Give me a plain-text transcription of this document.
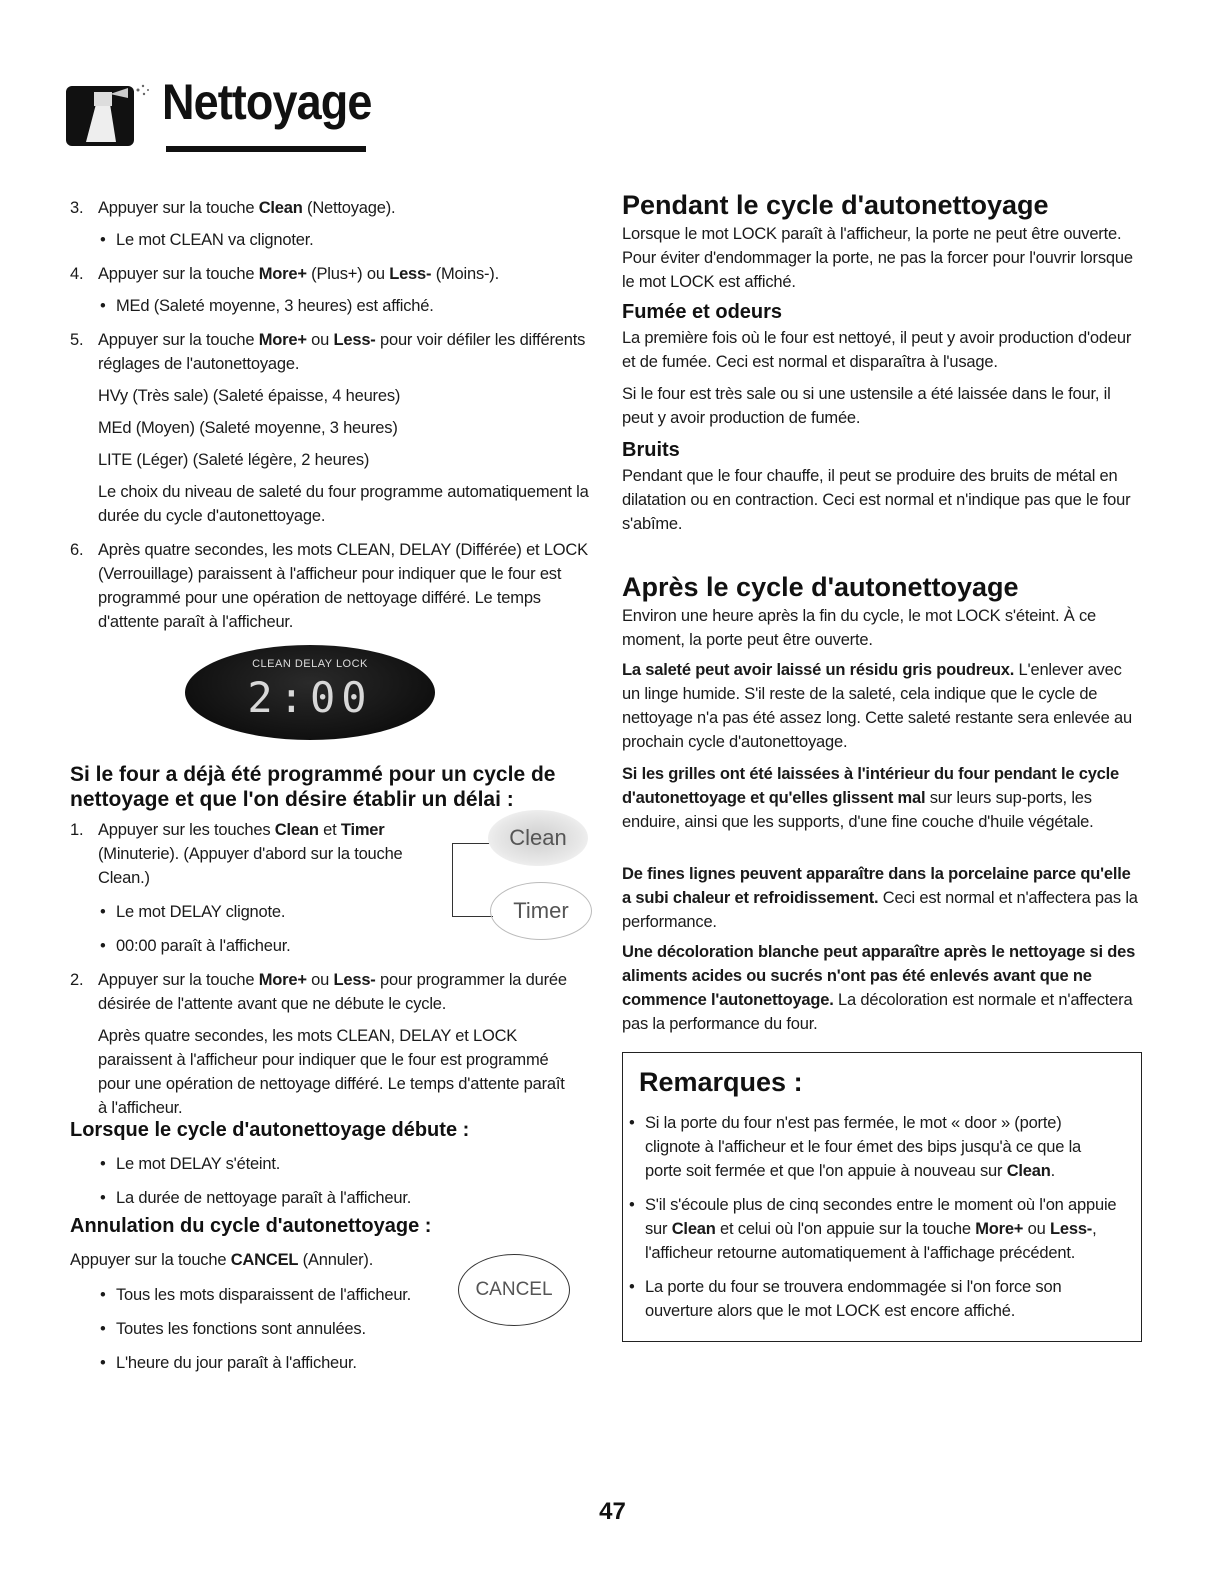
Nettoyage
3. Appuyer sur la touche Clean (Nettoyage).
• Le mot CLEAN va clignoter.
4. Appuyer sur la touche More+ (Plus+) ou Less- (Moins-).
• MEd (Saleté moyenne, 3 heures) est affiché.
5. Appuyer sur la touche More+ ou Less- pour voir défiler les différents réglages de l'autonettoyage.

HVy (Très sale) (Saleté épaisse, 4 heures)

MEd (Moyen) (Saleté moyenne, 3 heures)

LITE (Léger) (Saleté légère, 2 heures)

Le choix du niveau de saleté du four programme automatiquement la durée du cycle d'autonettoyage.

6. Après quatre secondes, les mots CLEAN, DELAY (Différée) et LOCK (Verrouillage) paraissent à l'afficheur pour indiquer que le four est programmé pour une opération de nettoyage différé. Le temps d'attente paraît à l'afficheur.
CLEAN DELAY LOCK
2:00
Si le four a déjà été programmé pour un cycle de nettoyage et que l'on désire établir un délai :
1. Appuyer sur les touches Clean et Timer (Minuterie). (Appuyer d'abord sur la touche Clean.)
• Le mot DELAY clignote.
• 00:00 paraît à l'afficheur.
2. Appuyer sur la touche More+ ou Less- pour programmer la durée désirée de l'attente avant que ne débute le cycle.

Après quatre secondes, les mots CLEAN, DELAY et LOCK paraissent à l'afficheur pour indiquer que le four est programmé pour une opération de nettoyage différé. Le temps d'attente paraît à l'afficheur.

Clean
Timer
Lorsque le cycle d'autonettoyage débute :
• Le mot DELAY s'éteint.
• La durée de nettoyage paraît à l'afficheur.
Annulation du cycle d'autonettoyage :
Appuyer sur la touche CANCEL (Annuler).
• Tous les mots disparaissent de l'afficheur.
• Toutes les fonctions sont annulées.
• L'heure du jour paraît à l'afficheur.
CANCEL
Pendant le cycle d'autonettoyage

Lorsque le mot LOCK paraît à l'afficheur, la porte ne peut être ouverte. Pour éviter d'endommager la porte, ne pas la forcer pour l'ouvrir lorsque le mot LOCK est affiché.

Fumée et odeurs

La première fois où le four est nettoyé, il peut y avoir production d'odeur et de fumée. Ceci est normal et disparaîtra à l'usage.

Si le four est très sale ou si une ustensile a été laissée dans le four, il peut y avoir production de fumée.

Bruits

Pendant que le four chauffe, il peut se produire des bruits de métal en dilatation ou en contraction. Ceci est normal et n'indique pas que le four s'abîme.

Après le cycle d'autonettoyage

Environ une heure après la fin du cycle, le mot LOCK s'éteint. À ce moment, la porte peut être ouverte.

La saleté peut avoir laissé un résidu gris poudreux. L'enlever avec un linge humide. S'il reste de la saleté, cela indique que le cycle de nettoyage n'a pas été assez long. Cette saleté restante sera enlevée au prochain cycle d'autonettoyage.
Si les grilles ont été laissées à l'intérieur du four pendant le cycle d'autonettoyage et qu'elles glissent mal sur leurs sup-ports, les enduire, ainsi que les supports, d'une fine couche d'huile végétale.
De fines lignes peuvent apparaître dans la porcelaine parce qu'elle a subi chaleur et refroidissement. Ceci est normal et n'affectera pas la performance.
Une décoloration blanche peut apparaître après le nettoyage si des aliments acides ou sucrés n'ont pas été enlevés avant que ne commence l'autonettoyage. La décoloration est normale et n'affectera pas la performance du four.
Remarques :
• Si la porte du four n'est pas fermée, le mot « door » (porte) clignote à l'afficheur et le four émet des bips jusqu'à ce que la porte soit fermée et que l'on appuie à nouveau sur Clean.
• S'il s'écoule plus de cinq secondes entre le moment où l'on appuie sur Clean et celui où l'on appuie sur la touche More+ ou Less-, l'afficheur retourne automatiquement à l'affichage précédent.
• La porte du four se trouvera endommagée si l'on force son ouverture alors que le mot LOCK est encore affiché.
47
